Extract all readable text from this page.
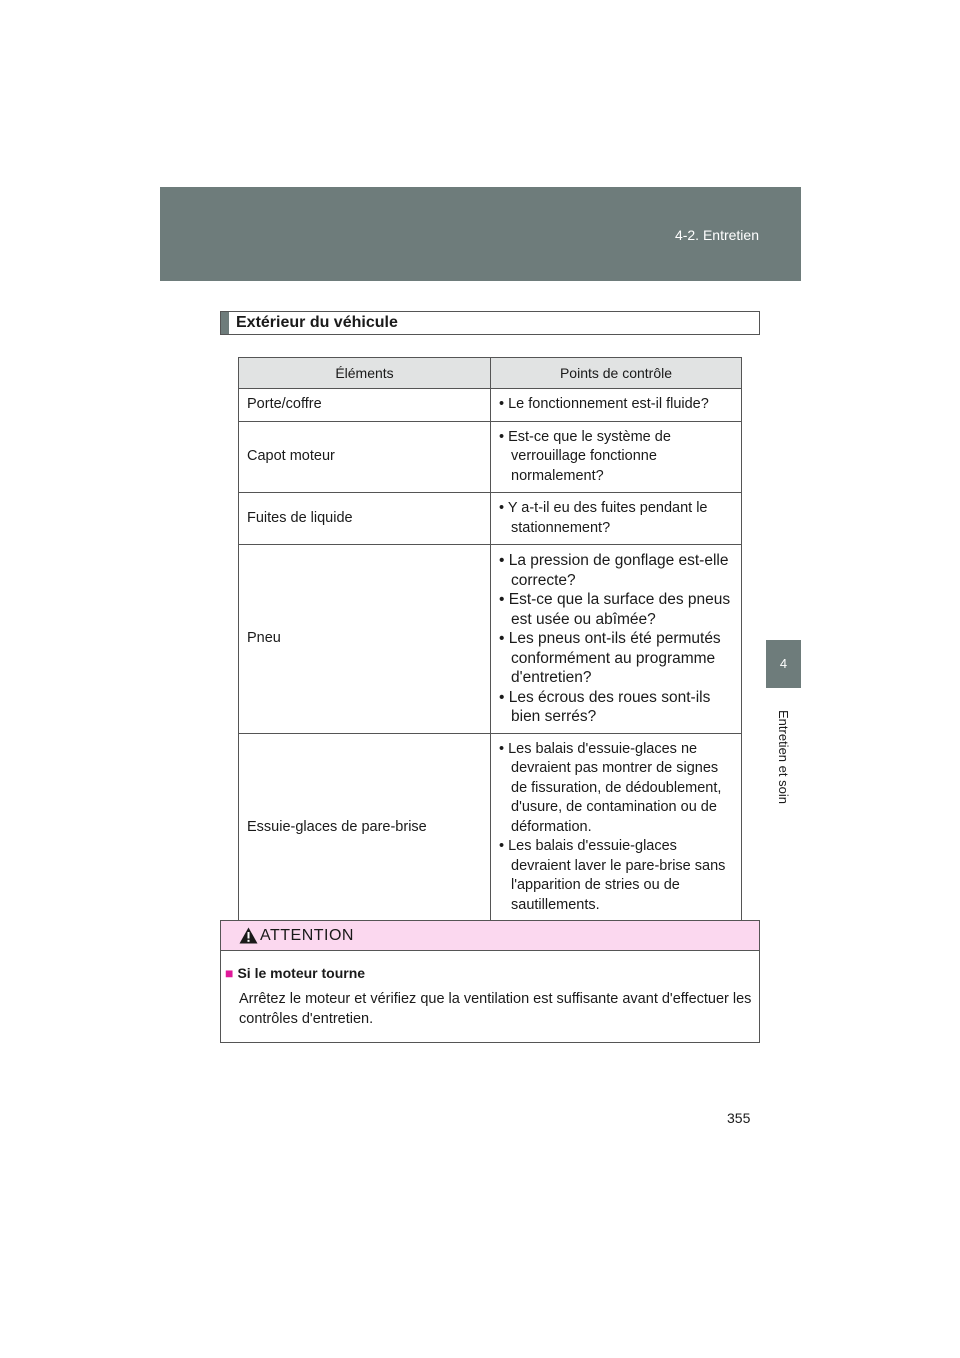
4-2. Entretien
4
Entretien et soin
Extérieur du véhicule
Éléments	Points de contrôle
Porte/coffre	• Le fonctionnement est-il fluide?

Capot moteur	• Est-ce que le système de verrouillage fonctionne normalement?

Fuites de liquide	• Y a-t-il eu des fuites pendant le stationnement?

Pneu	• La pression de gonflage est-elle correcte?
• Est-ce que la surface des pneus est usée ou abîmée?
• Les pneus ont-ils été permutés conformément au programme d'entretien?
• Les écrous des roues sont-ils bien serrés?

Essuie-glaces de pare-brise	• Les balais d'essuie-glaces ne devraient pas montrer de signes de fissuration, de dédoublement, d'usure, de contamination ou de déformation.
• Les balais d'essuie-glaces devraient laver le pare-brise sans l'apparition de stries ou de sautillements.
ATTENTION
■ Si le moteur tourne
Arrêtez le moteur et vérifiez que la ventilation est suffisante avant d'effectuer les contrôles d'entretien.
355
